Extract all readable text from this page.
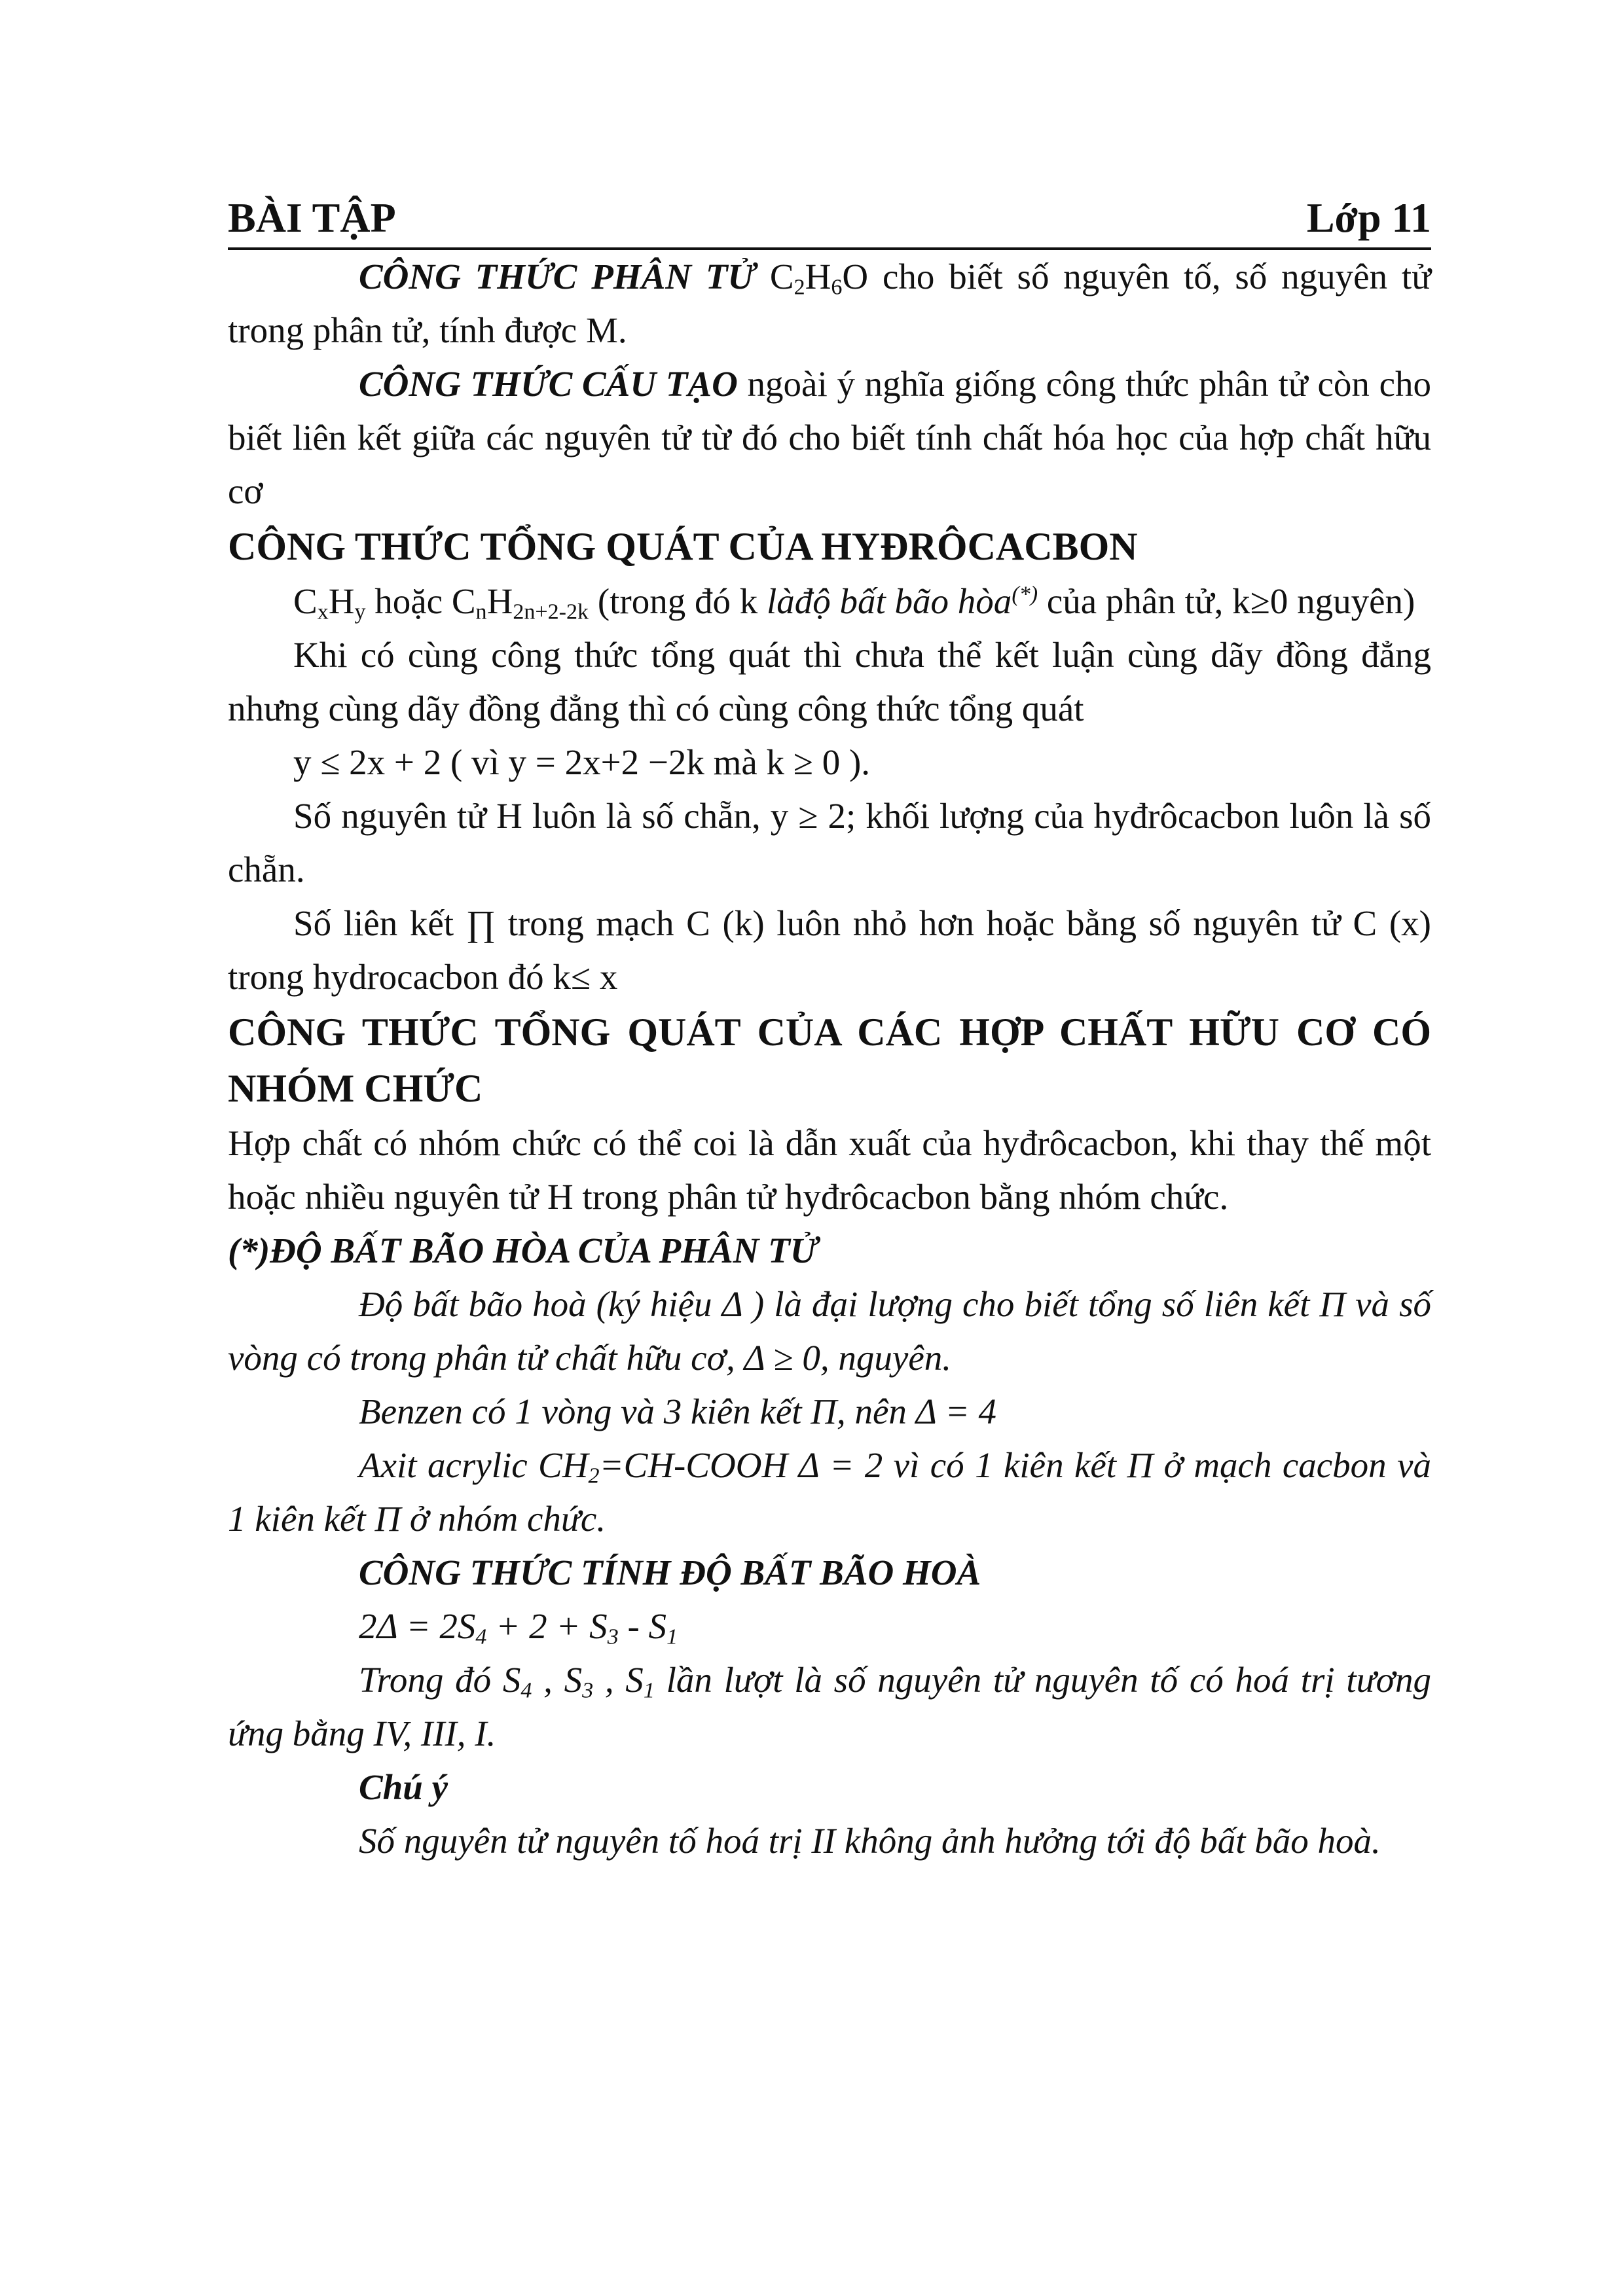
BÀI TẬP	Lớp 11

CÔNG THỨC PHÂN TỬ $C_2H_6O$ cho biết số nguyên tố, số nguyên tử trong phân tử, tính được M.

CÔNG THỨC CẤU TẠO ngoài ý nghĩa giống công thức phân tử còn cho biết liên kết giữa các nguyên tử từ đó cho biết tính chất hóa học của hợp chất hữu cơ

CÔNG THỨC TỔNG QUÁT CỦA HYĐRÔCACBON

$C_xH_y$ hoặc $C_nH_{2n+2-2k}$ (trong đó k làđộ bất bão hòa(*) của phân tử, k≥0 nguyên)

Khi có cùng công thức tổng quát thì chưa thể kết luận cùng dãy đồng đẳng nhưng cùng dãy đồng đẳng thì có cùng công thức tổng quát

y ≤ 2x + 2 ( vì y = 2x+2 −2k mà k ≥ 0 ).

Số nguyên tử H luôn là số chẵn, y ≥ 2; khối lượng của hyđrôcacbon luôn là số chẵn.

Số liên kết ∏ trong mạch C (k) luôn nhỏ hơn hoặc bằng số nguyên tử C (x) trong hydrocacbon đó k≤ x

CÔNG THỨC TỔNG QUÁT CỦA CÁC HỢP CHẤT HỮU CƠ CÓ NHÓM CHỨC

Hợp chất có nhóm chức có thể coi là dẫn xuất của hyđrôcacbon, khi thay thế một hoặc nhiều nguyên tử H trong phân tử hyđrôcacbon bằng nhóm chức.

(*)ĐỘ BẤT BÃO HÒA CỦA PHÂN TỬ

Độ bất bão hoà (ký hiệu Δ ) là đại lượng cho biết tổng số liên kết Π và số vòng có trong phân tử chất hữu cơ, Δ ≥ 0, nguyên.

Benzen có 1 vòng và 3 kiên kết Π, nên Δ = 4

Axit acrylic $CH_2=CH$-COOH Δ = 2 vì có 1 kiên kết Π ở mạch cacbon và 1 kiên kết Π ở nhóm chức.

CÔNG THỨC TÍNH ĐỘ BẤT BÃO HOÀ

$2\Delta = 2S_4 + 2 + S_3 - S_1$

Trong đó $S_4$ , $S_3$ , $S_1$ lần lượt là số nguyên tử nguyên tố có hoá trị tương ứng bằng IV, III, I.

Chú ý

Số nguyên tử nguyên tố hoá trị II không ảnh hưởng tới độ bất bão hoà.
